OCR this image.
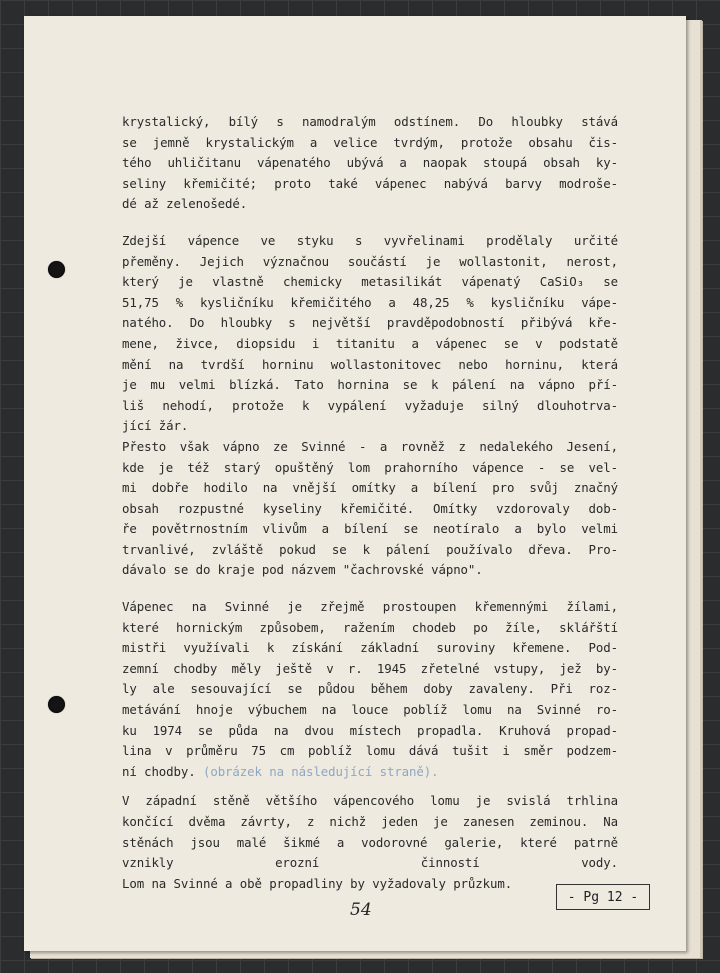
krystalický, bílý s namodralým odstínem. Do hloubky stává
se jemně krystalickým a velice tvrdým, protože obsahu čis-
tého uhličitanu vápenatého ubývá a naopak stoupá obsah ky-
seliny křemičité; proto také vápenec nabývá barvy modroše-
dé až zelenošedé.
Zdejší vápence ve styku s vyvřelinami prodělaly určité
přeměny. Jejich význačnou součástí je wollastonit, nerost,
který je vlastně chemicky metasilikát vápenatý CaSiO₃ se
51,75 % kysličníku křemičitého a 48,25 % kysličníku vápe-
natého. Do hloubky s největší pravděpodobností přibývá kře-
mene, živce, diopsidu i titanitu a vápenec se v podstatě
mění na tvrdší horninu wollastonitovec nebo horninu, která
je mu velmi blízká. Tato hornina se k pálení na vápno pří-
liš nehodí, protože k vypálení vyžaduje silný dlouhotrva-
jící žár.
Přesto však vápno ze Svinné - a rovněž z nedalekého Jesení,
kde je též starý opuštěný lom prahorního vápence - se vel-
mi dobře hodilo na vnější omítky a bílení pro svůj značný
obsah rozpustné kyseliny křemičité. Omítky vzdorovaly dob-
ře povětrnostním vlivům a bílení se neotíralo a bylo velmi
trvanlivé, zvláště pokud se k pálení používalo dřeva. Pro-
dávalo se do kraje pod názvem "čachrovské vápno".
Vápenec na Svinné je zřejmě prostoupen křemennými žílami,
které hornickým způsobem, ražením chodeb po žíle, sklářští
mistři využívali k získání základní suroviny křemene. Pod-
zemní chodby měly ještě v r. 1945 zřetelné vstupy, jež by-
ly ale sesouvající se půdou během doby zavaleny. Při roz-
metávání hnoje výbuchem na louce poblíž lomu na Svinné ro-
ku 1974 se půda na dvou místech propadla. Kruhová propad-
lina v průměru 75 cm poblíž lomu dává tušit i směr podzem-
ní chodby. (obrázek na následující straně).
V západní stěně většího vápencového lomu je svislá trhlina
končící dvěma závrty, z nichž jeden je zanesen zeminou. Na
stěnách jsou malé šikmé a vodorovné galerie, které patrně
vznikly erozní činností vody.
Lom na Svinné a obě propadliny by vyžadovaly průzkum.
54
- Pg 12 -
